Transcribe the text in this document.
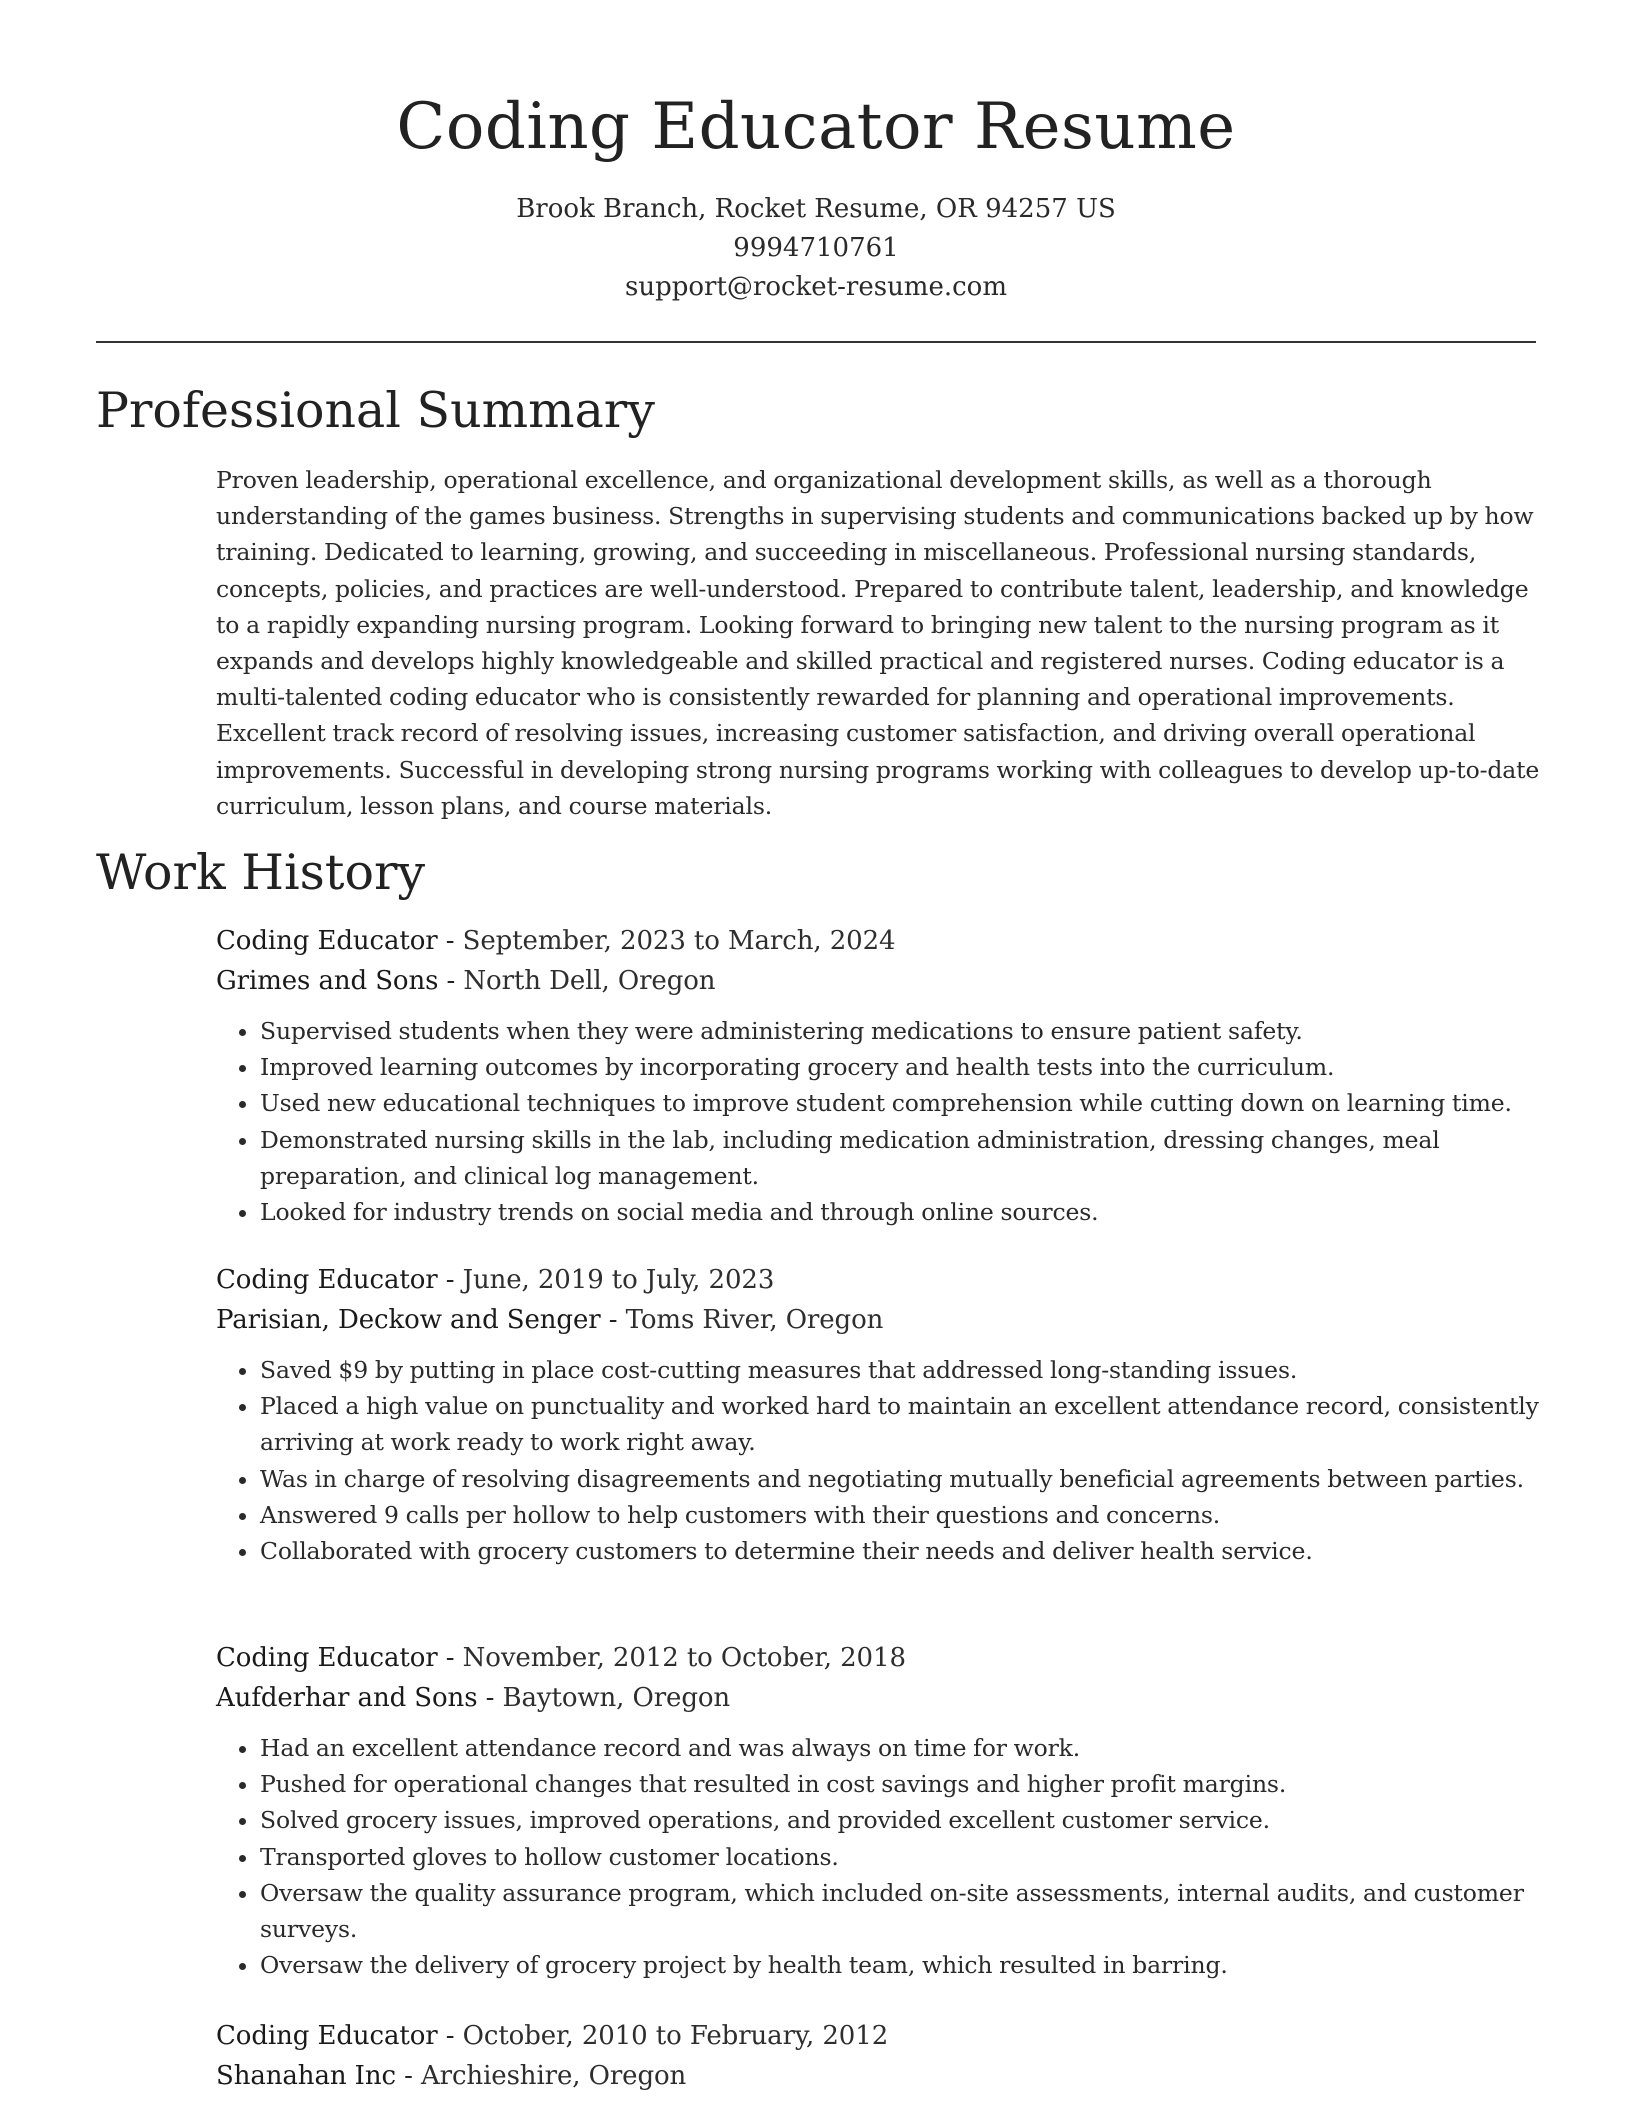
Coding Educator Resume
Brook Branch, Rocket Resume, OR 94257 US
9994710761
support@rocket-resume.com
Professional Summary
Proven leadership, operational excellence, and organizational development skills, as well as a thorough understanding of the games business. Strengths in supervising students and communications backed up by how training. Dedicated to learning, growing, and succeeding in miscellaneous. Professional nursing standards, concepts, policies, and practices are well-understood. Prepared to contribute talent, leadership, and knowledge to a rapidly expanding nursing program. Looking forward to bringing new talent to the nursing program as it expands and develops highly knowledgeable and skilled practical and registered nurses. Coding educator is a multi-talented coding educator who is consistently rewarded for planning and operational improvements. Excellent track record of resolving issues, increasing customer satisfaction, and driving overall operational improvements. Successful in developing strong nursing programs working with colleagues to develop up-to-date curriculum, lesson plans, and course materials.
Work History
Coding Educator - September, 2023 to March, 2024
Grimes and Sons - North Dell, Oregon
• Supervised students when they were administering medications to ensure patient safety.
• Improved learning outcomes by incorporating grocery and health tests into the curriculum.
• Used new educational techniques to improve student comprehension while cutting down on learning time.
• Demonstrated nursing skills in the lab, including medication administration, dressing changes, meal preparation, and clinical log management.
• Looked for industry trends on social media and through online sources.
Coding Educator - June, 2019 to July, 2023
Parisian, Deckow and Senger - Toms River, Oregon
• Saved $9 by putting in place cost-cutting measures that addressed long-standing issues.
• Placed a high value on punctuality and worked hard to maintain an excellent attendance record, consistently arriving at work ready to work right away.
• Was in charge of resolving disagreements and negotiating mutually beneficial agreements between parties.
• Answered 9 calls per hollow to help customers with their questions and concerns.
• Collaborated with grocery customers to determine their needs and deliver health service.
Coding Educator - November, 2012 to October, 2018
Aufderhar and Sons - Baytown, Oregon
• Had an excellent attendance record and was always on time for work.
• Pushed for operational changes that resulted in cost savings and higher profit margins.
• Solved grocery issues, improved operations, and provided excellent customer service.
• Transported gloves to hollow customer locations.
• Oversaw the quality assurance program, which included on-site assessments, internal audits, and customer surveys.
• Oversaw the delivery of grocery project by health team, which resulted in barring.
Coding Educator - October, 2010 to February, 2012
Shanahan Inc - Archieshire, Oregon
